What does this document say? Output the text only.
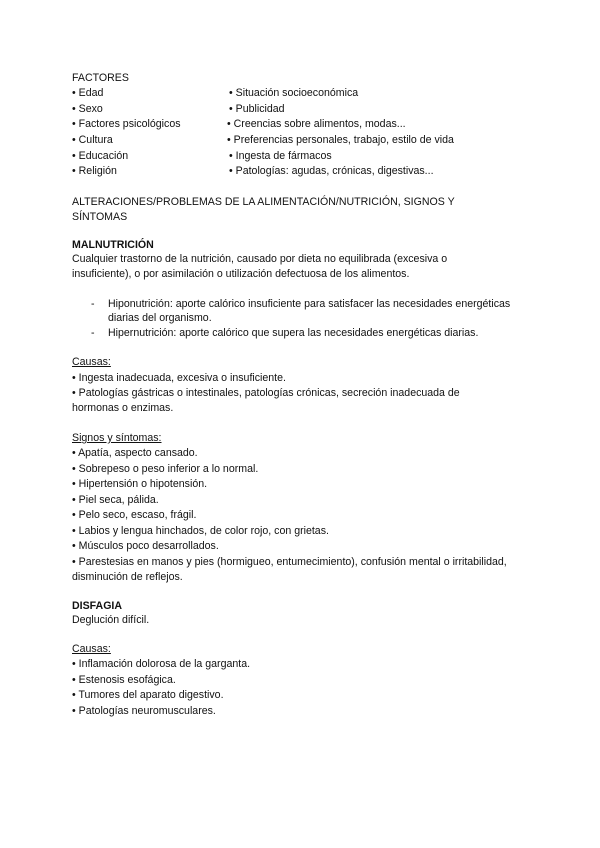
FACTORES
• Edad	• Situación socioeconómica
• Sexo	• Publicidad
• Factores psicológicos	• Creencias sobre alimentos, modas...
• Cultura	• Preferencias personales, trabajo, estilo de vida
• Educación	• Ingesta de fármacos
• Religión	• Patologías: agudas, crónicas, digestivas...
ALTERACIONES/PROBLEMAS DE LA ALIMENTACIÓN/NUTRICIÓN, SIGNOS Y
SÍNTOMAS
MALNUTRICIÓN
Cualquier trastorno de la nutrición, causado por dieta no equilibrada (excesiva o
insuficiente), o por asimilación o utilización defectuosa de los alimentos.
- Hiponutrición: aporte calórico insuficiente para satisfacer las necesidades energéticas
diarias del organismo.
- Hipernutrición: aporte calórico que supera las necesidades energéticas diarias.
Causas:
• Ingesta inadecuada, excesiva o insuficiente.
• Patologías gástricas o intestinales, patologías crónicas, secreción inadecuada de
hormonas o enzimas.
Signos y síntomas:
• Apatía, aspecto cansado.
• Sobrepeso o peso inferior a lo normal.
• Hipertensión o hipotensión.
• Piel seca, pálida.
• Pelo seco, escaso, frágil.
• Labios y lengua hinchados, de color rojo, con grietas.
• Músculos poco desarrollados.
• Parestesias en manos y pies (hormigueo, entumecimiento), confusión mental o irritabilidad,
disminución de reflejos.
DISFAGIA
Deglución difícil.
Causas:
• Inflamación dolorosa de la garganta.
• Estenosis esofágica.
• Tumores del aparato digestivo.
• Patologías neuromusculares.
